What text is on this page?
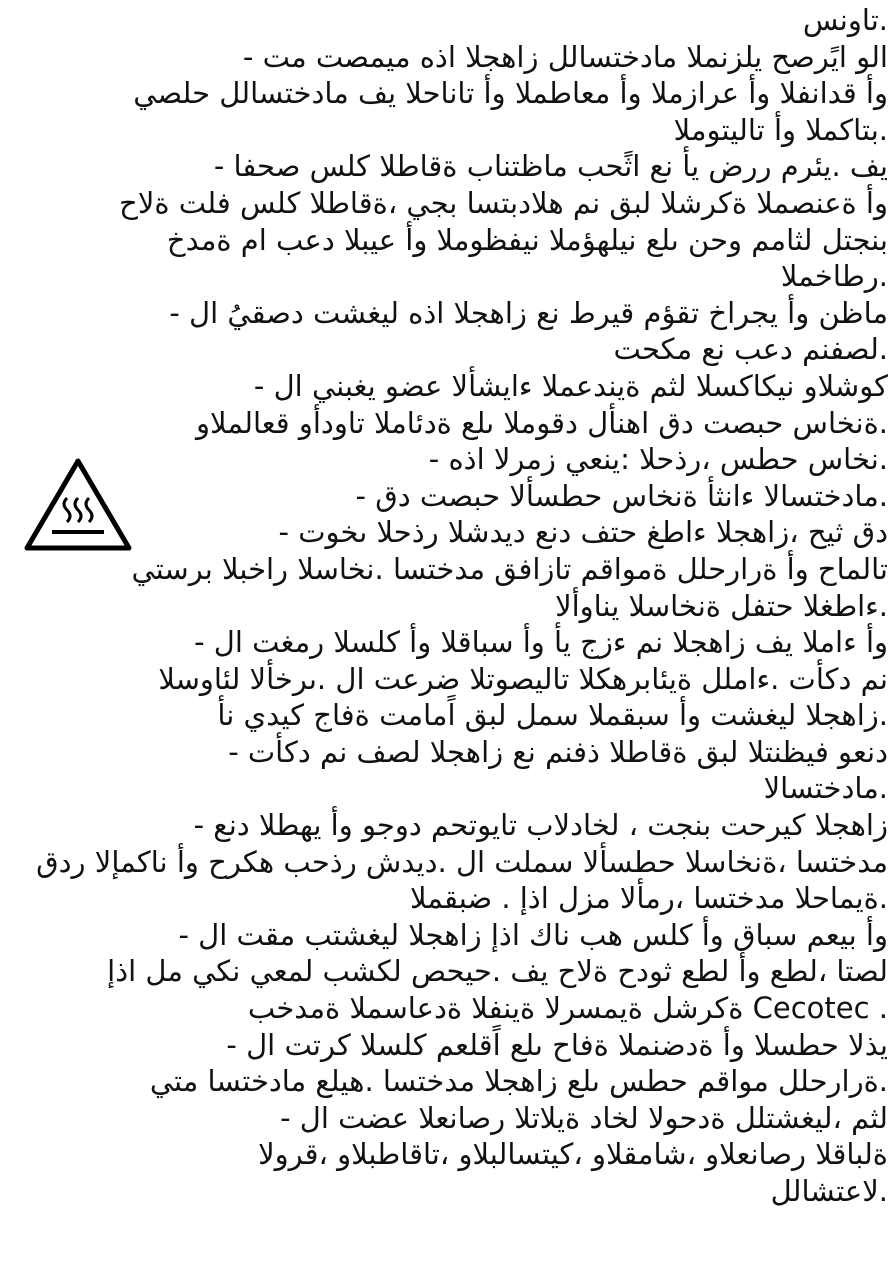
.تاونس
الو ايًرصح يلزنملا مادختسالل زاهجلا اذه ميمصت مت -
وأ قدانفلا وأ عرازملا وأ معاطملا وأ تاناحلا يف مادختسالل حلصي
.بتاكملا وأ تاليتوملا
يف .يئرم ررض يأ نع اثًحب ماظتناب ةقاطلا كلس صحفا -
وأ ةعنصملا ةكرشلا لبق نم هلادبتسا بجي ،ةقاطلا كلس فلت ةلاح
بنجتل لثامم وحن ىلع نيلهؤملا نيفظوملا وأ عيبلا دعب ام ةمدخ
.رطاخملا
ماظن وأ يجراخ تقؤم قيرط نع زاهجلا اذه ليغشت دصقيُ ال -
.لصفنم دعب نع مكحت
كوشلاو نيكاكسلا لثم ةيندعملا ءايشألا عضو يغبني ال -
.ةنخاس حبصت دق اهنأل دقوملا ىلع ةدئاملا تاودأو قعالملاو
.نخاس حطس ،رذحلا :ينعي زمرلا اذه -
.مادختسالا ءانثأ ةنخاس حطسألا حبصت دق -
دق ثيح ،زاهجلا ءاطغ حتف دنع ديدشلا رذحلا ىخوت -
تالماح وأ ةرارحلل ةمواقم تازافق مدختسا .نخاسلا راخبلا برستي
.ءاطغلا حتفل ةنخاسلا يناوألا
وأ ءاملا يف زاهجلا نم ءزج يأ وأ سباقلا وأ كلسلا رمغت ال -
نم دكأت .ءاملل ةيئابرهكلا تاليصوتلا ضرعت ال .ىرخألا لئاوسلا
.زاهجلا ليغشت وأ سبقملا سمل لبق اًمامت ةفاج كيدي نأ
دنعو فيظنتلا لبق ةقاطلا ذفنم نع زاهجلا لصف نم دكأت -
.مادختسالا
زاهجلا كيرحت بنجت ، لخادلاب تايوتحم دوجو وأ يهطلا دنع -
مدختسا ،ةنخاسلا حطسألا سملت ال .ديدش رذحب هكرح وأ ناكمإلا ردق
.ةيماحلا مدختسا ،رمألا مزل اذإ . ضبقملا
وأ بيعم سباق وأ كلس هب ناك اذإ زاهجلا ليغشتب مقت ال -
لصتا ،لطع وأ لطع ثودح ةلاح يف .حيحص لكشب لمعي نكي مل اذإ
. Cecotec ةكرشل ةيمسرلا ةينفلا ةدعاسملا ةمدخب
يذلا حطسلا وأ ةدضنملا ةفاح ىلع اًقلعم كلسلا كرتت ال -
.ةرارحلل مواقم حطس ىلع زاهجلا مدختسا .هيلع مادختسا متي
لثم ،ليغشتلل ةدحولا لخاد ةيلاتلا رصانعلا عضت ال -
ةلباقلا رصانعلاو ،شامقلاو ،كيتسالبلاو ،تاقاطبلاو ،قرولا
.لاعتشالل
